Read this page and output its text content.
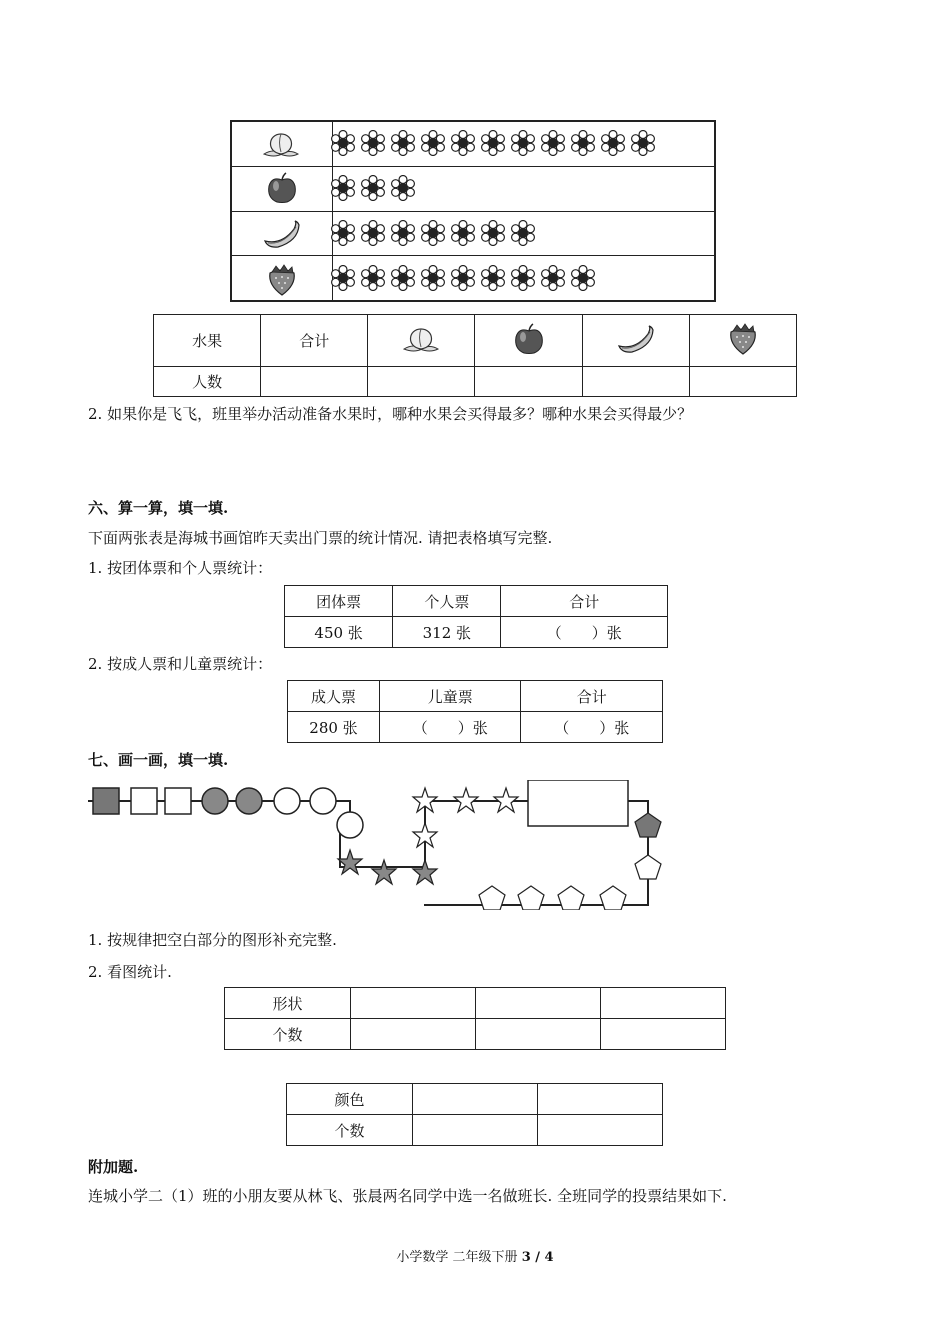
水果	合计				
人数					
2. 如果你是飞飞，班里举办活动准备水果时，哪种水果会买得最多？哪种水果会买得最少？
六、算一算，填一填.
下面两张表是海城书画馆昨天卖出门票的统计情况. 请把表格填写完整.
1. 按团体票和个人票统计：
团体票	个人票	合计
450 张	312 张	（　　）张
2. 按成人票和儿童票统计：
成人票	儿童票	合计
280 张	（　　）张	（　　）张
七、画一画，填一填.
1. 按规律把空白部分的图形补充完整.
2. 看图统计.
形状			
个数			
颜色		
个数		
附加题.
连城小学二（1）班的小朋友要从林飞、张晨两名同学中选一名做班长. 全班同学的投票结果如下.
小学数学 二年级下册 3 / 4
